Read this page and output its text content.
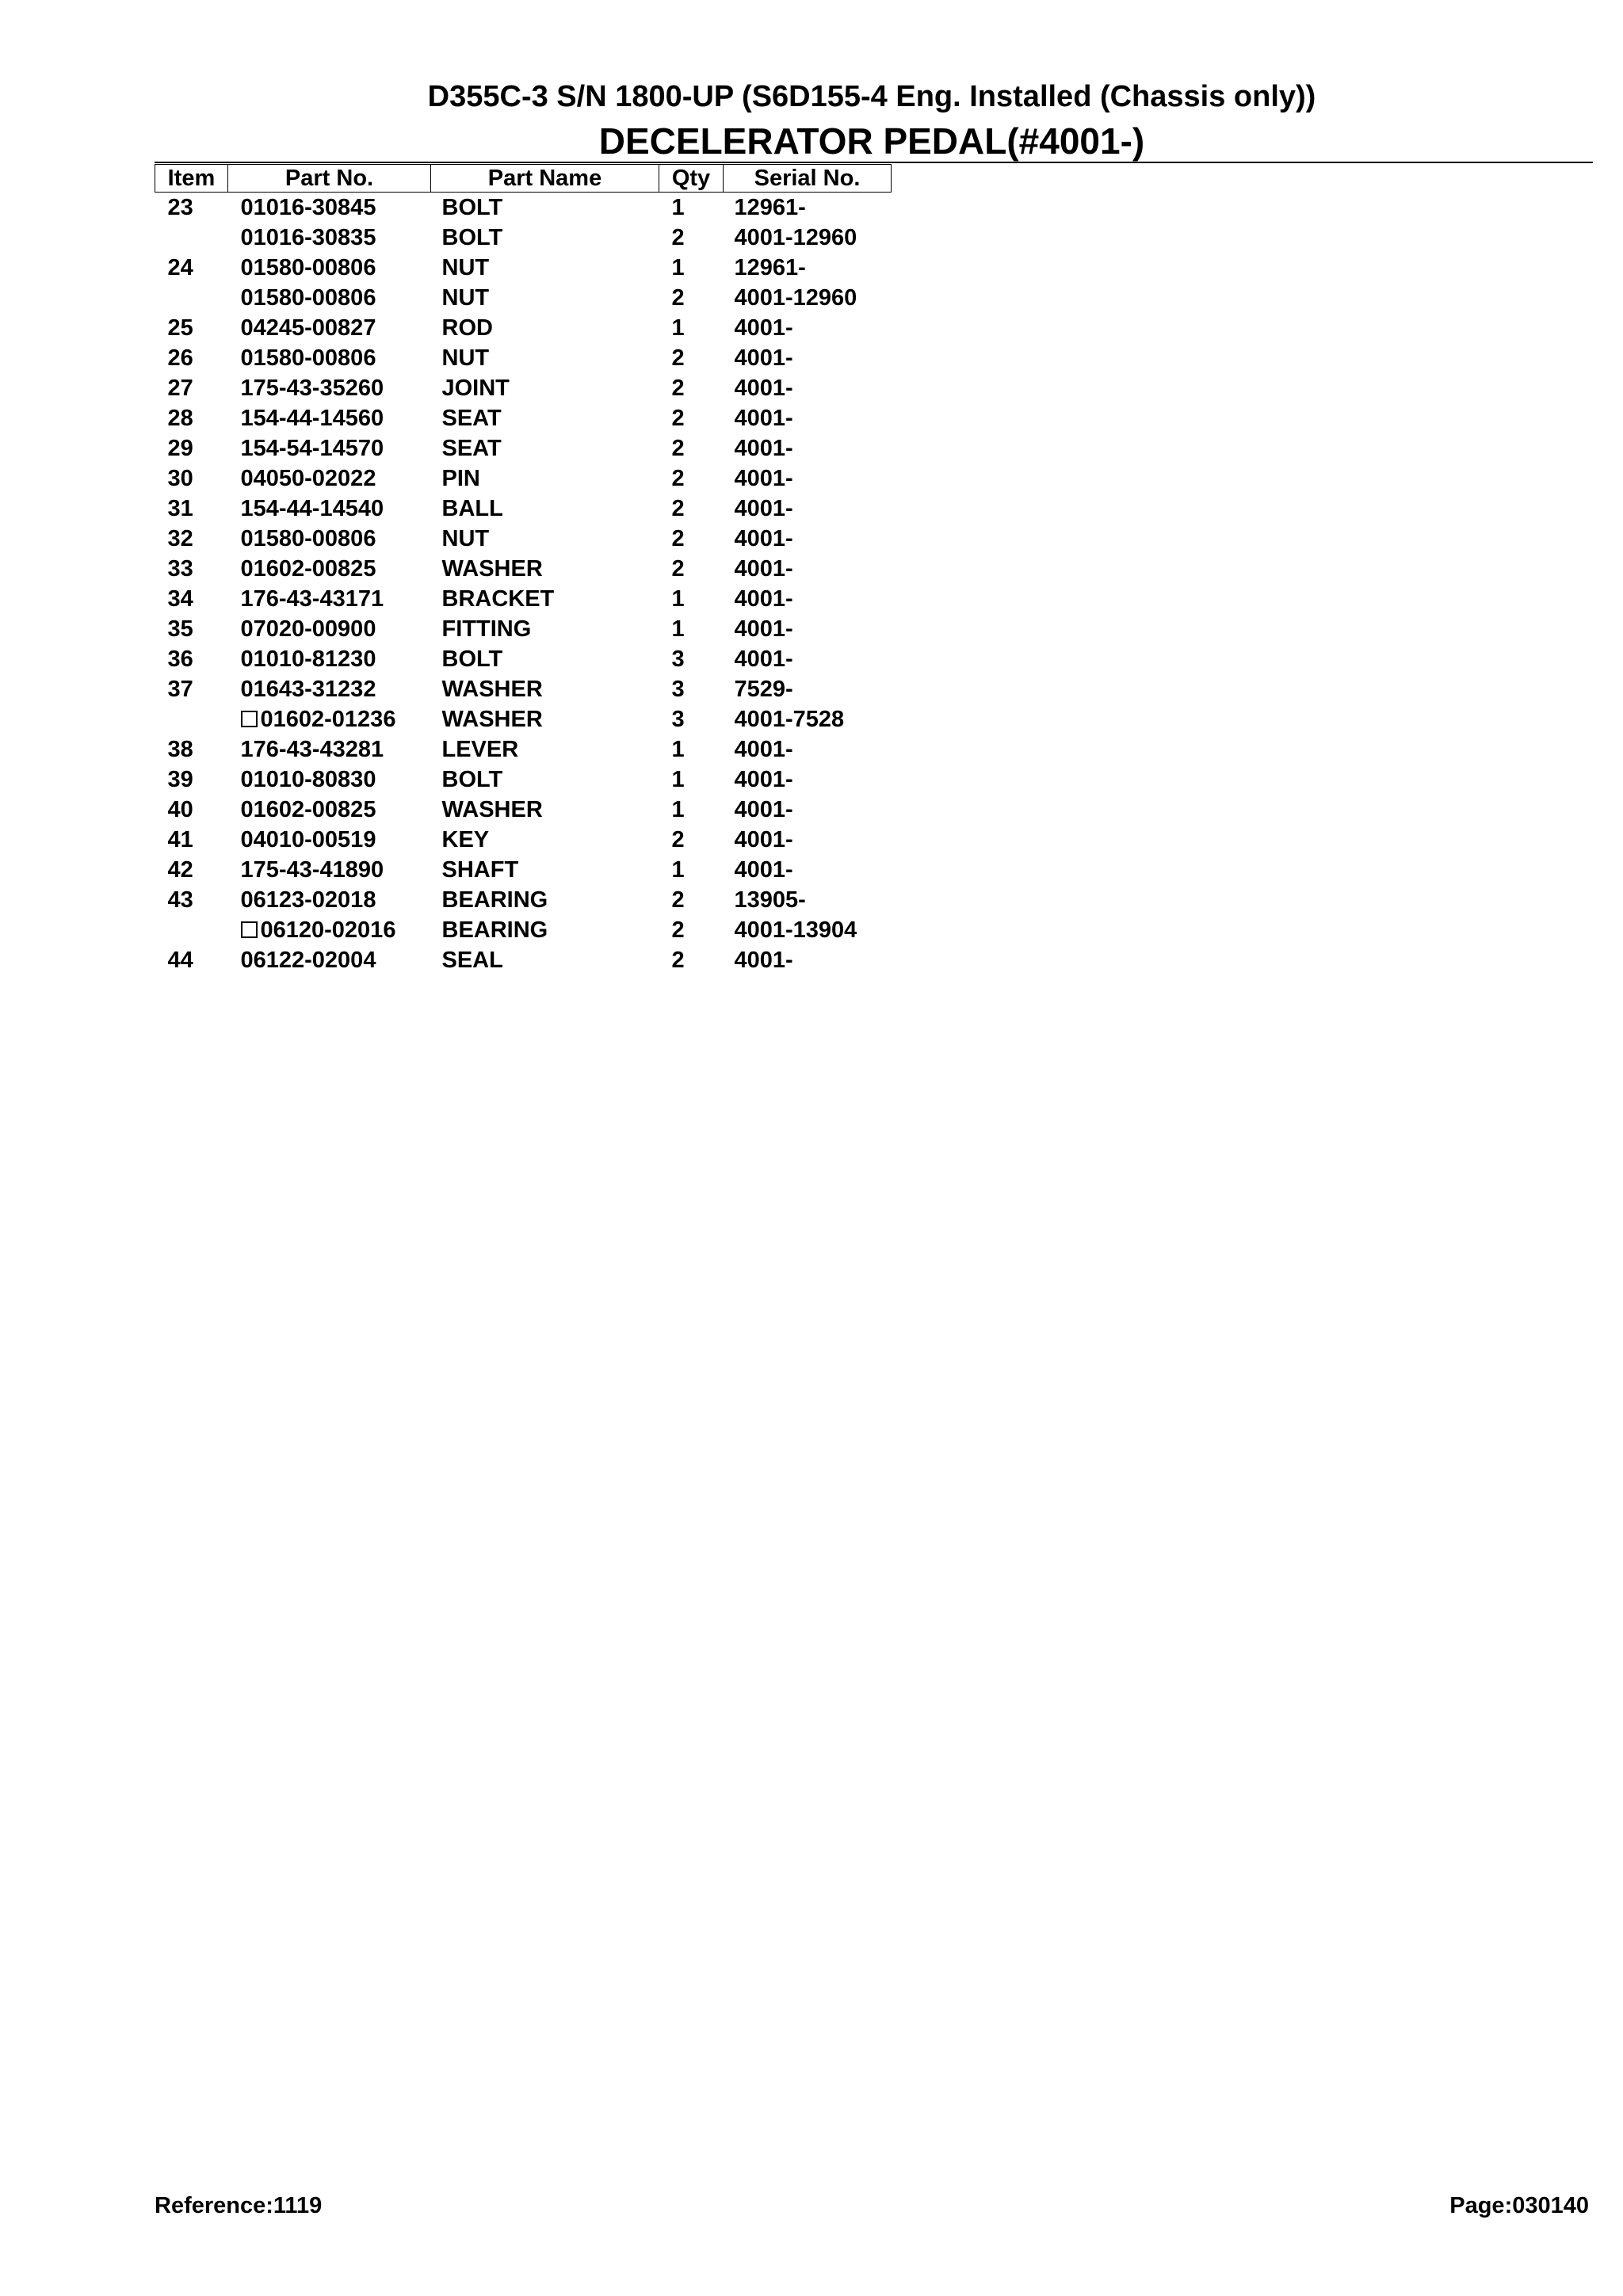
D355C-3 S/N 1800-UP (S6D155-4 Eng. Installed (Chassis only))
DECELERATOR PEDAL(#4001-)
Item	Part No.	Part Name	Qty	Serial No.
23	01016-30845	BOLT	1	12961-
	01016-30835	BOLT	2	4001-12960
24	01580-00806	NUT	1	12961-
	01580-00806	NUT	2	4001-12960
25	04245-00827	ROD	1	4001-
26	01580-00806	NUT	2	4001-
27	175-43-35260	JOINT	2	4001-
28	154-44-14560	SEAT	2	4001-
29	154-54-14570	SEAT	2	4001-
30	04050-02022	PIN	2	4001-
31	154-44-14540	BALL	2	4001-
32	01580-00806	NUT	2	4001-
33	01602-00825	WASHER	2	4001-
34	176-43-43171	BRACKET	1	4001-
35	07020-00900	FITTING	1	4001-
36	01010-81230	BOLT	3	4001-
37	01643-31232	WASHER	3	7529-
	01602-01236	WASHER	3	4001-7528
38	176-43-43281	LEVER	1	4001-
39	01010-80830	BOLT	1	4001-
40	01602-00825	WASHER	1	4001-
41	04010-00519	KEY	2	4001-
42	175-43-41890	SHAFT	1	4001-
43	06123-02018	BEARING	2	13905-
	06120-02016	BEARING	2	4001-13904
44	06122-02004	SEAL	2	4001-
Reference:1119	Page:030140
